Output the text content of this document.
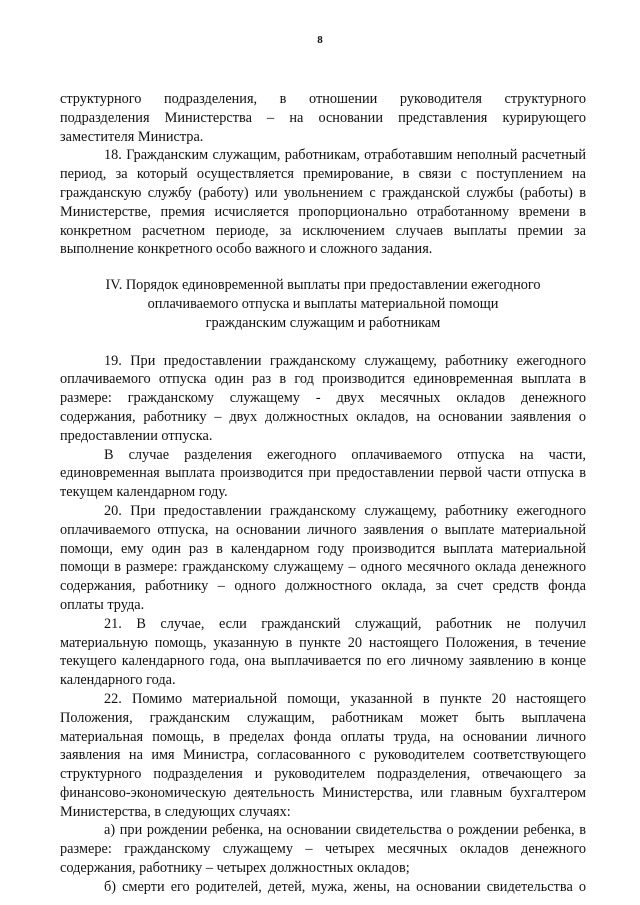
8
структурного подразделения, в отношении руководителя структурного
подразделения Министерства – на основании представления курирующего
заместителя Министра.
18. Гражданским служащим, работникам, отработавшим неполный расчетный
период, за который осуществляется премирование, в связи с поступлением на
гражданскую службу (работу) или увольнением с гражданской службы (работы) в
Министерстве, премия исчисляется пропорционально отработанному времени в
конкретном расчетном периоде, за исключением случаев выплаты премии за
выполнение конкретного особо важного и сложного задания.
IV. Порядок единовременной выплаты при предоставлении ежегодного
оплачиваемого отпуска и выплаты материальной помощи
гражданским служащим и работникам
19. При предоставлении гражданскому служащему, работнику ежегодного
оплачиваемого отпуска один раз в год производится единовременная выплата в
размере: гражданскому служащему - двух месячных окладов денежного
содержания, работнику – двух должностных окладов, на основании заявления о
предоставлении отпуска.
В случае разделения ежегодного оплачиваемого отпуска на части,
единовременная выплата производится при предоставлении первой части отпуска в
текущем календарном году.
20. При предоставлении гражданскому служащему, работнику ежегодного
оплачиваемого отпуска, на основании личного заявления о выплате материальной
помощи, ему один раз в календарном году производится выплата материальной
помощи в размере: гражданскому служащему – одного месячного оклада денежного
содержания, работнику – одного должностного оклада, за счет средств фонда
оплаты труда.
21. В случае, если гражданский служащий, работник не получил
материальную помощь, указанную в пункте 20 настоящего Положения, в течение
текущего календарного года, она выплачивается по его личному заявлению в конце
календарного года.
22. Помимо материальной помощи, указанной в пункте 20 настоящего
Положения, гражданским служащим, работникам может быть выплачена
материальная помощь, в пределах фонда оплаты труда, на основании личного
заявления на имя Министра, согласованного с руководителем соответствующего
структурного подразделения и руководителем подразделения, отвечающего за
финансово-экономическую деятельность Министерства, или главным бухгалтером
Министерства, в следующих случаях:
а) при рождении ребенка, на основании свидетельства о рождении ребенка, в
размере: гражданскому служащему – четырех месячных окладов денежного
содержания, работнику – четырех должностных окладов;
б) смерти его родителей, детей, мужа, жены, на основании свидетельства о
